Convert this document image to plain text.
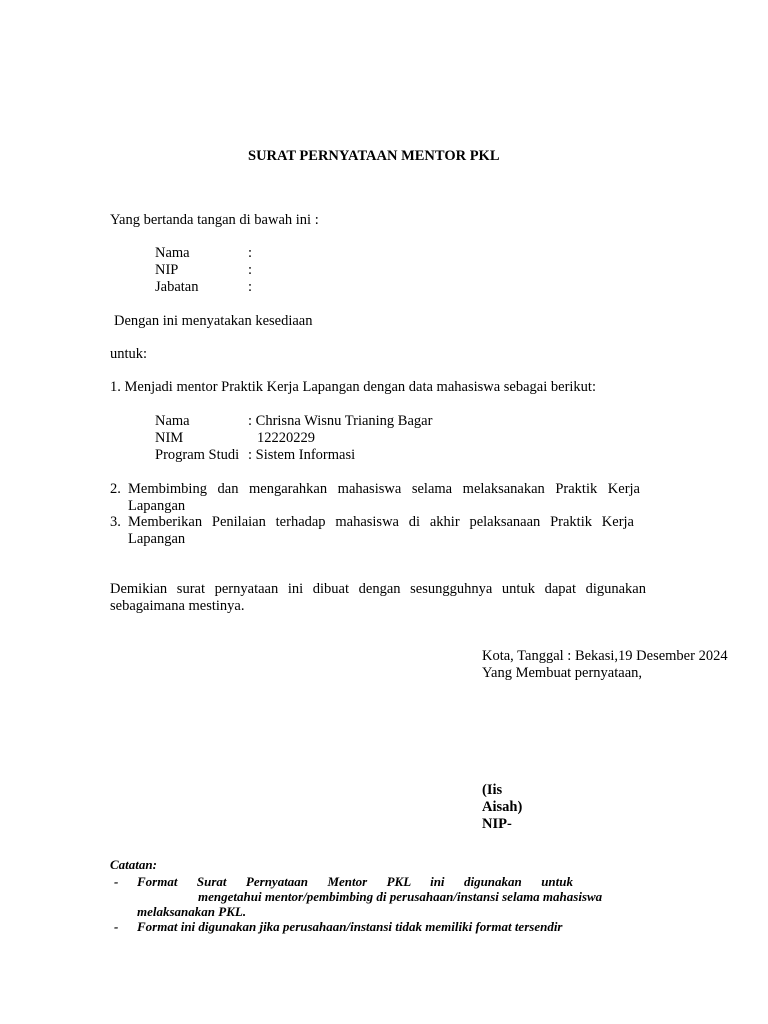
SURAT PERNYATAAN MENTOR PKL
Yang bertanda tangan di bawah ini :
Nama	:
NIP	:
Jabatan	:
Dengan ini menyatakan kesediaan
untuk:
1. Menjadi mentor Praktik Kerja Lapangan dengan data mahasiswa sebagai berikut:
Nama	: Chrisna Wisnu Trianing Bagar
NIM	12220229
Program Studi : Sistem Informasi
2. Membimbing dan mengarahkan mahasiswa selama melaksanakan Praktik Kerja
Lapangan
3. Memberikan Penilaian terhadap mahasiswa di akhir pelaksanaan Praktik Kerja
Lapangan
Demikian surat pernyataan ini dibuat dengan sesungguhnya untuk dapat digunakan
sebagaimana mestinya.
Kota, Tanggal : Bekasi,19 Desember 2024
Yang Membuat pernyataan,
(Iis
Aisah)
NIP-
Catatan:
- Format Surat Pernyataan Mentor PKL ini digunakan untuk
mengetahui mentor/pembimbing di perusahaan/instansi selama mahasiswa
melaksanakan PKL.
- Format ini digunakan jika perusahaan/instansi tidak memiliki format tersendir
